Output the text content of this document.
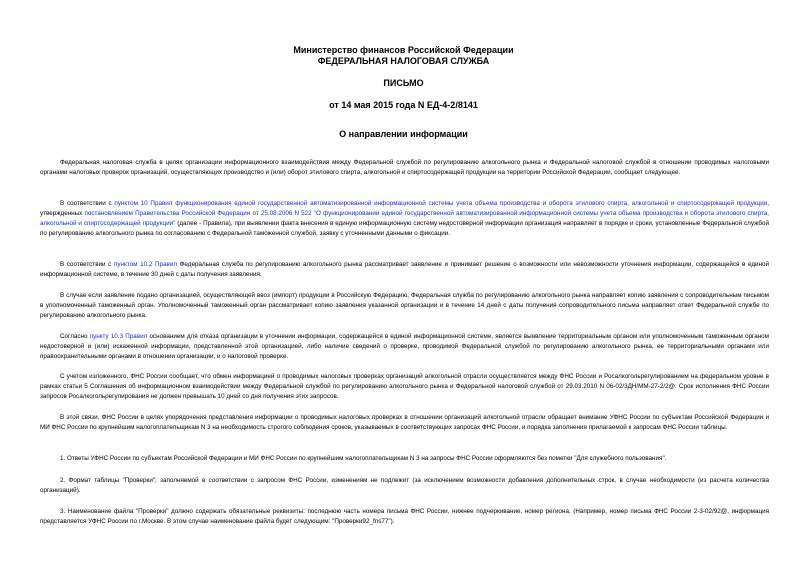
Министерство финансов Российской Федерации
ФЕДЕРАЛЬНАЯ НАЛОГОВАЯ СЛУЖБА
ПИСЬМО
от 14 мая 2015 года N ЕД-4-2/8141
О направлении информации

Федеральная налоговая служба в целях организации информационного взаимодействия между Федеральной службой по регулированию алкогольного рынка и Федеральной налоговой службой в отношении проводимых налоговыми органами налоговых проверок организаций, осуществляющих производство и (или) оборот этилового спирта, алкогольной и спиртосодержащей продукции на территории Российской Федерации, сообщает следующее.

В соответствии с пунктом 10 Правил функционирования единой государственной автоматизированной информационной системы учета объема производства и оборота этилового спирта, алкогольной и спиртосодержащей продукции, утвержденных постановлением Правительства Российской Федерации от 25.08.2006 N 522 "О функционировании единой государственной автоматизированной информационной системы учета объема производства и оборота этилового спирта, алкогольной и спиртосодержащей продукции" (далее - Правила), при выявлении факта внесения в единую информационную систему недостоверной информации организация направляет в порядке и сроки, установленные Федеральной службой по регулированию алкогольного рынка по согласованию с Федеральной таможенной службой, заявку с уточненными данными о фиксации.

В соответствии с пунктом 10.2 Правил Федеральная служба по регулированию алкогольного рынка рассматривает заявление и принимает решение о возможности или невозможности уточнения информации, содержащейся в единой информационной системе, в течение 30 дней с даты получения заявления.

В случае если заявление подано организацией, осуществляющей ввоз (импорт) продукции в Российскую Федерацию, Федеральная служба по регулированию алкогольного рынка направляет копию заявления с сопроводительным письмом в уполномоченный таможенный орган. Уполномоченный таможенный орган рассматривает копию заявления указанной организации и в течение 14 дней с даты получения сопроводительного письма направляет ответ Федеральной службе по регулированию алкогольного рынка.

Согласно пункту 10.3 Правил основанием для отказа организации в уточнении информации, содержащейся в единой информационной системе, является выявление территориальным органом или уполномоченным таможенным органом недостоверной и (или) искаженной информации, представленной этой организацией, либо наличие сведений о проверке, проводимой Федеральной службой по регулированию алкогольного рынка, ее территориальными органами или правоохранительными органами в отношении организации, и о налоговой проверке.

С учетом изложенного, ФНС России сообщает, что обмен информацией о проводимых налоговых проверках организаций алкогольной отрасли осуществляется между ФНС России и Росалкогольрегулированием на федеральном уровне в рамках статьи 5 Соглашения об информационном взаимодействии между Федеральной службой по регулированию алкогольного рынка и Федеральной налоговой службой от 29.03.2010 N 06-02/3ДН/ММ-27-2/2@. Срок исполнения ФНС России запросов Росалкогольрегулирования не должен превышать 10 дней со дня получения этих запросов.

В этой связи, ФНС России в целях упорядочения представления информации о проводимых налоговых проверках в отношении организаций алкогольной отрасли обращает внимание УФНС России по субъектам Российской Федерации и МИ ФНС России по крупнейшим налогоплательщикам N 3 на необходимость строгого соблюдения сроков, указываемых в соответствующих запросах ФНС России, и порядка заполнения прилагаемой к запросам ФНС России таблицы.

1. Ответы УФНС России по субъектам Российской Федерации и МИ ФНС России по крупнейшим налогоплательщикам N 3 на запросы ФНС России оформляются без пометки "Для служебного пользования".

2. Формат таблицы "Проверки", заполняемой в соответствии с запросом ФНС России, изменениям не подлежит (за исключением возможности добавления дополнительных строк, в случае необходимости (из расчета количества организаций).

3. Наименование файла "Проверки" должно содержать обязательные реквизиты: последнюю часть номера письма ФНС России, нижнее подчеркивание, номер региона. (Например, номер письма ФНС России 2-3-02/92@, информация представляется УФНС России по г.Москве. В этом случае наименование файла будет следующим: "Проверки92_fns77").
